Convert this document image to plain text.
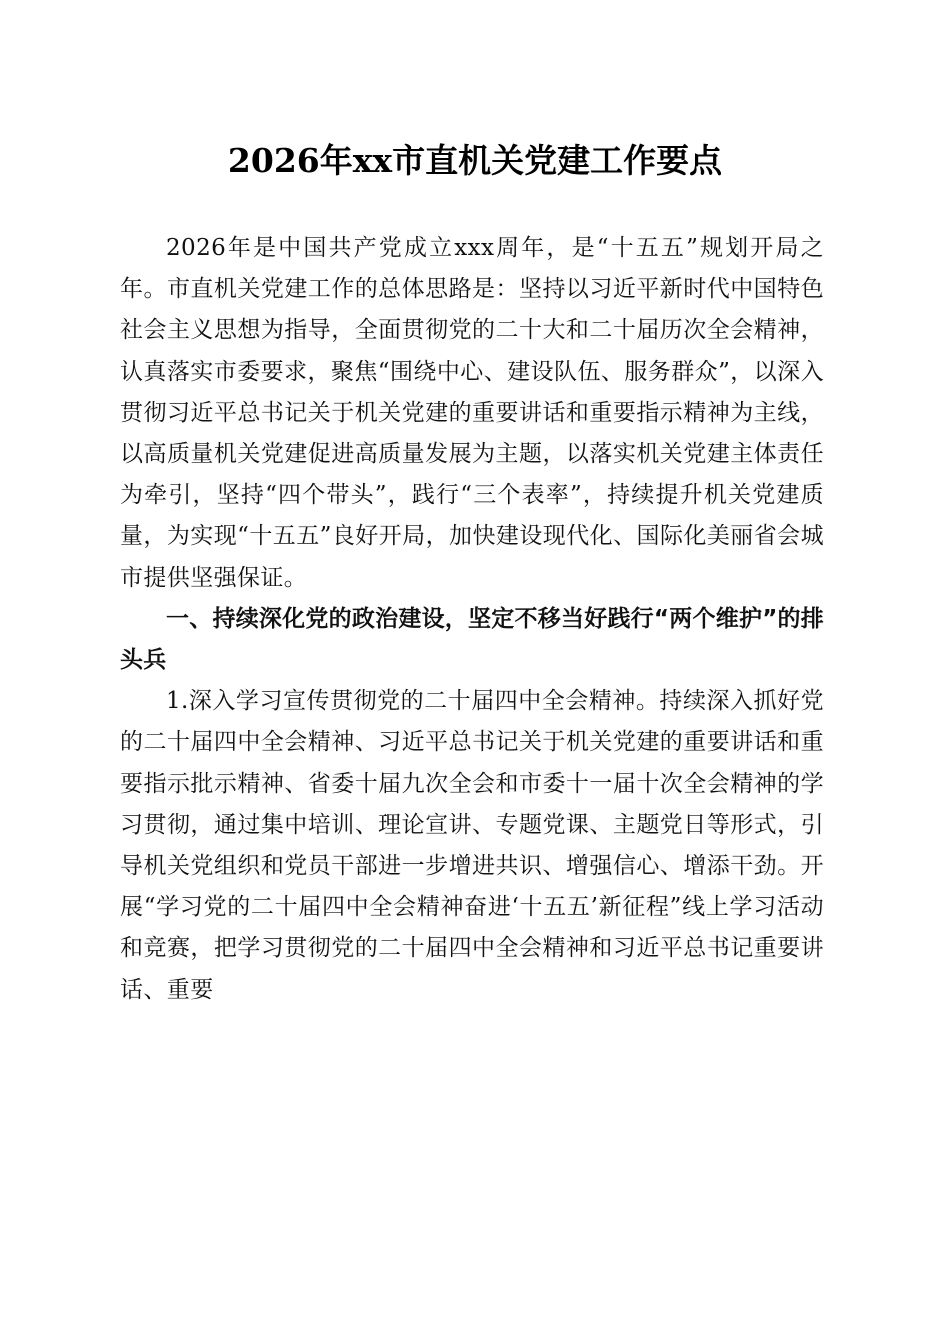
2026年xx市直机关党建工作要点

2026年是中国共产党成立xxx周年，是“十五五”规划开局之年。市直机关党建工作的总体思路是：坚持以习近平新时代中国特色社会主义思想为指导，全面贯彻党的二十大和二十届历次全会精神，认真落实市委要求，聚焦“围绕中心、建设队伍、服务群众”，以深入贯彻习近平总书记关于机关党建的重要讲话和重要指示精神为主线，以高质量机关党建促进高质量发展为主题，以落实机关党建主体责任为牵引，坚持“四个带头”，践行“三个表率”，持续提升机关党建质量，为实现“十五五”良好开局，加快建设现代化、国际化美丽省会城市提供坚强保证。

一、持续深化党的政治建设，坚定不移当好践行“两个维护”的排头兵

1.深入学习宣传贯彻党的二十届四中全会精神。持续深入抓好党的二十届四中全会精神、习近平总书记关于机关党建的重要讲话和重要指示批示精神、省委十届九次全会和市委十一届十次全会精神的学习贯彻，通过集中培训、理论宣讲、专题党课、主题党日等形式，引导机关党组织和党员干部进一步增进共识、增强信心、增添干劲。开展“学习党的二十届四中全会精神奋进‘十五五’新征程”线上学习活动和竞赛，把学习贯彻党的二十届四中全会精神和习近平总书记重要讲话、重要
